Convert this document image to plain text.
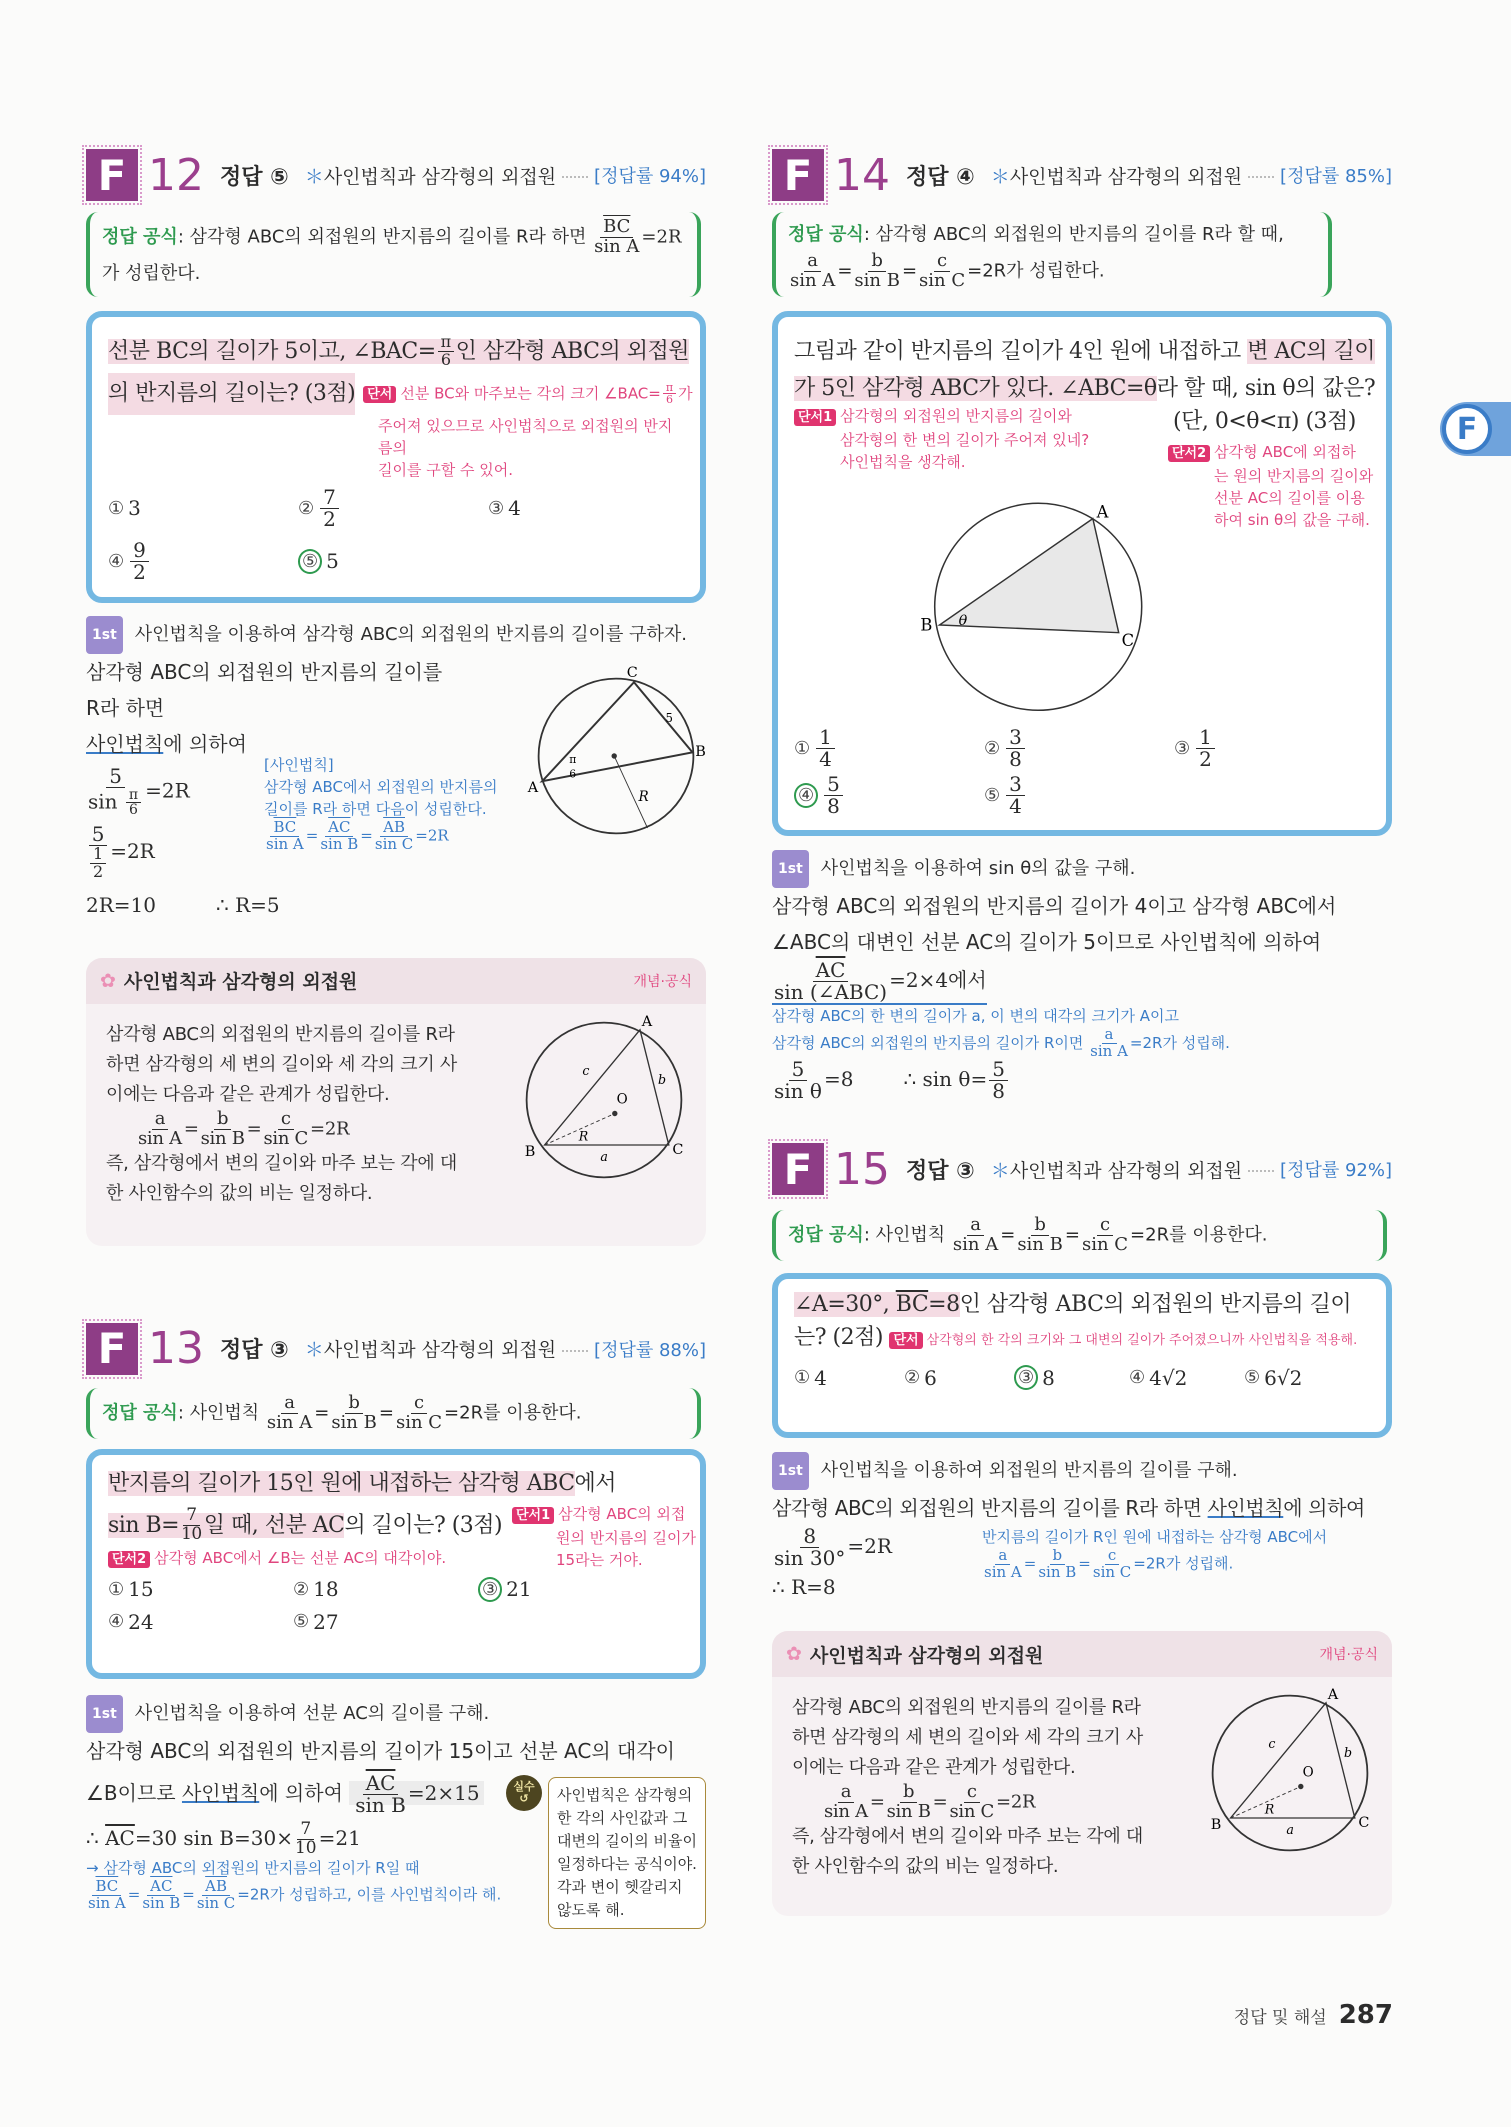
F 12 정답 ⑤ ＊사인법칙과 삼각형의 외접원 [정답률 94%]
정답 공식: 삼각형 ABC의 외접원의 반지름의 길이를 R라 하면 $\frac{\overline{BC}}{\text{sin A}} =2R$
가 성립한다.
선분 BC의 길이가 5이고, ∠BAC= $\frac{\pi}{6}$ 인 삼각형 ABC의 외접원
의 반지름의 길이는? (3점) 단서 선분 BC와 마주보는 각의 크기 ∠BAC= $\frac{\pi}{6}$ 가
주어져 있으므로 사인법칙으로 외접원의 반지름의
길이를 구할 수 있어.
① 3	② $\frac{7}{2}$	③ 4
④ $\frac{9}{2}$	⑤ 5
1st	사인법칙을 이용하여 삼각형 ABC의 외접원의 반지름의 길이를 구하자.
삼각형 ABC의 외접원의 반지름의 길이를
R라 하면
사인법칙에 의하여
$\frac{5}{\sin \frac{\pi}{6}} =2R$
$\frac{5}{\frac{1}{2}} =2R$
2R=10	∴ R=5
[사인법칙]
삼각형 ABC에서 외접원의 반지름의
길이를 R라 하면 다음이 성립한다.
$\frac{\overline{BC}}{\text{sin A}} = \frac{\overline{AC}}{\text{sin B}} = \frac{\overline{AB}}{\text{sin C}} =2R$
C
B
A
5
π
6
R
✿ 사인법칙과 삼각형의 외접원	개념·공식
삼각형 ABC의 외접원의 반지름의 길이를 R라
하면 삼각형의 세 변의 길이와 세 각의 크기 사
이에는 다음과 같은 관계가 성립한다.
$\frac{a}{\text{sin A}} = \frac{b}{\text{sin B}} = \frac{c}{\text{sin C}} =2R$
즉, 삼각형에서 변의 길이와 마주 보는 각에 대
한 사인함수의 값의 비는 일정하다.
A
B	C
O
R
a
b
c
F 13 정답 ③ ＊사인법칙과 삼각형의 외접원 [정답률 88%]
정답 공식: 사인법칙 $\frac{a}{\text{sin A}} = \frac{b}{\text{sin B}} = \frac{c}{\text{sin C}} =2R$를 이용한다.
반지름의 길이가 15인 원에 내접하는 삼각형 ABC에서
$\sin B= \frac{7}{10}$ 일 때, 선분 AC의 길이는? (3점)	단서1 삼각형 ABC의 외접
원의 반지름의 길이가
15라는 거야.
단서2 삼각형 ABC에서 ∠B는 선분 AC의 대각이야.
① 15	② 18	③ 21
④ 24	⑤ 27
1st	사인법칙을 이용하여 선분 AC의 길이를 구해.
삼각형 ABC의 외접원의 반지름의 길이가 15이고 선분 AC의 대각이
∠B이므로 사인법칙에 의하여 $\frac{\overline{AC}}{\text{sin B}} =2\times 15$
∴ $\overline{AC}=30$ $\sin B=30\times \frac{7}{10} =21$
→ 삼각형 ABC의 외접원의 반지름의 길이가 R일 때
$\frac{\overline{BC}}{\text{sin A}} = \frac{\overline{AC}}{\text{sin B}} = \frac{\overline{AB}}{\text{sin C}} =2R$가 성립하고, 이를 사인법칙이라 해.
실수
↺	사인법칙은 삼각형의 한 각의 사인값과 그 대변의 길이의 비율이 일정하다는 공식이야. 각과 변이 헷갈리지 않도록 해.
F 14 정답 ④ ＊사인법칙과 삼각형의 외접원 [정답률 85%]
정답 공식: 삼각형 ABC의 외접원의 반지름의 길이를 R라 할 때,

$\frac{a}{\text{sin A}} = \frac{b}{\text{sin B}} = \frac{c}{\text{sin C}} =2R$가 성립한다.
그림과 같이 반지름의 길이가 4인 원에 내접하고 변 AC의 길이
가 5인 삼각형 ABC가 있다. ∠ABC=θ라 할 때, sin θ의 값은?
단서1 삼각형의 외접원의 반지름의 길이와
삼각형의 한 변의 길이가 주어져 있네?
사인법칙을 생각해.
(단, 0<θ<π) (3점)
단서2 삼각형 ABC에 외접하
는 원의 반지름의 길이와
선분 AC의 길이를 이용
하여 sin θ의 값을 구해.
A
B
C
θ
① $\frac{1}{4}$	② $\frac{3}{8}$	③ $\frac{1}{2}$
④ $\frac{5}{8}$	⑤ $\frac{3}{4}$
1st	사인법칙을 이용하여 sin θ의 값을 구해.
삼각형 ABC의 외접원의 반지름의 길이가 4이고 삼각형 ABC에서
∠ABC의 대변인 선분 AC의 길이가 5이므로 사인법칙에 의하여
$\frac{\overline{AC}}{\text{sin (∠ABC)}} =2\times 4$에서
삼각형 ABC의 한 변의 길이가 a, 이 변의 대각의 크기가 A이고
삼각형 ABC의 외접원의 반지름의 길이가 R이면 $\frac{a}{\text{sin A}} =2R$가 성립해.
$\frac{5}{\text{sin θ}} =8$	∴ $\sin \theta= \frac{5}{8}$
F 15 정답 ③ ＊사인법칙과 삼각형의 외접원 [정답률 92%]
정답 공식: 사인법칙 $\frac{a}{\text{sin A}} = \frac{b}{\text{sin B}} = \frac{c}{\text{sin C}} =2R$를 이용한다.
∠A=30°, $\overline{BC}=8$인 삼각형 ABC의 외접원의 반지름의 길이
는? (2점) 단서 삼각형의 한 각의 크기와 그 대변의 길이가 주어졌으니까 사인법칙을 적용해.
① 4	② 6	③ 8	④ 4√2	⑤ 6√2
1st	사인법칙을 이용하여 외접원의 반지름의 길이를 구해.
삼각형 ABC의 외접원의 반지름의 길이를 R라 하면 사인법칙에 의하여
$\frac{8}{\sin 30^\circ} =2R$
∴ R=8
반지름의 길이가 R인 원에 내접하는 삼각형 ABC에서
$\frac{a}{\text{sin A}} = \frac{b}{\text{sin B}} = \frac{c}{\text{sin C}} =2R$가 성립해.
✿ 사인법칙과 삼각형의 외접원	개념·공식
삼각형 ABC의 외접원의 반지름의 길이를 R라
하면 삼각형의 세 변의 길이와 세 각의 크기 사
이에는 다음과 같은 관계가 성립한다.
$\frac{a}{\text{sin A}} = \frac{b}{\text{sin B}} = \frac{c}{\text{sin C}} =2R$
즉, 삼각형에서 변의 길이와 마주 보는 각에 대
한 사인함수의 값의 비는 일정하다.
A
B	C
O
R
a
b
c
F
정답 및 해설 287
